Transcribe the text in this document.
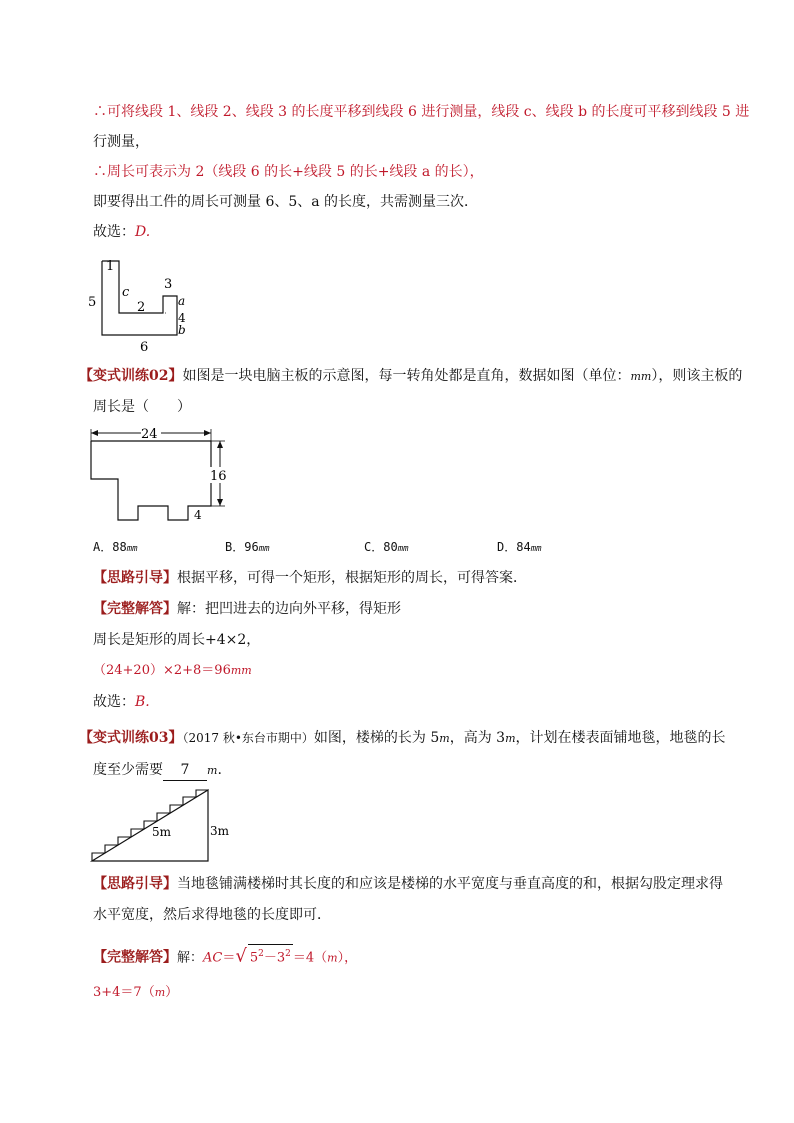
∴可将线段 1、线段 2、线段 3 的长度平移到线段 6 进行测量，线段 c、线段 b 的长度可平移到线段 5 进
行测量，
∴周长可表示为 2（线段 6 的长+线段 5 的长+线段 a 的长），
即要得出工件的周长可测量 6、5、a 的长度，共需测量三次．
故选：D.
1
5
c
2
3
a
4
b
6
【变式训练02】如图是一块电脑主板的示意图，每一转角处都是直角，数据如图（单位：mm），则该主板的
周长是（　　）
24
16
4
A．88mm	B．96mm	C．80mm	D．84mm
【思路引导】根据平移，可得一个矩形，根据矩形的周长，可得答案．
【完整解答】解：把凹进去的边向外平移，得矩形
周长是矩形的周长+4×2，
（24+20）×2+8＝96mm
故选：B.
【变式训练03】（2017 秋•东台市期中）如图，楼梯的长为 5m，高为 3m，计划在楼表面铺地毯，地毯的长
度至少需要 7 m.
5m	3m
【思路引导】当地毯铺满楼梯时其长度的和应该是楼梯的水平宽度与垂直高度的和，根据勾股定理求得
水平宽度，然后求得地毯的长度即可．
【完整解答】解：AC＝√ $5^2-3^2 =4(m)$，
3+4＝7（m）
